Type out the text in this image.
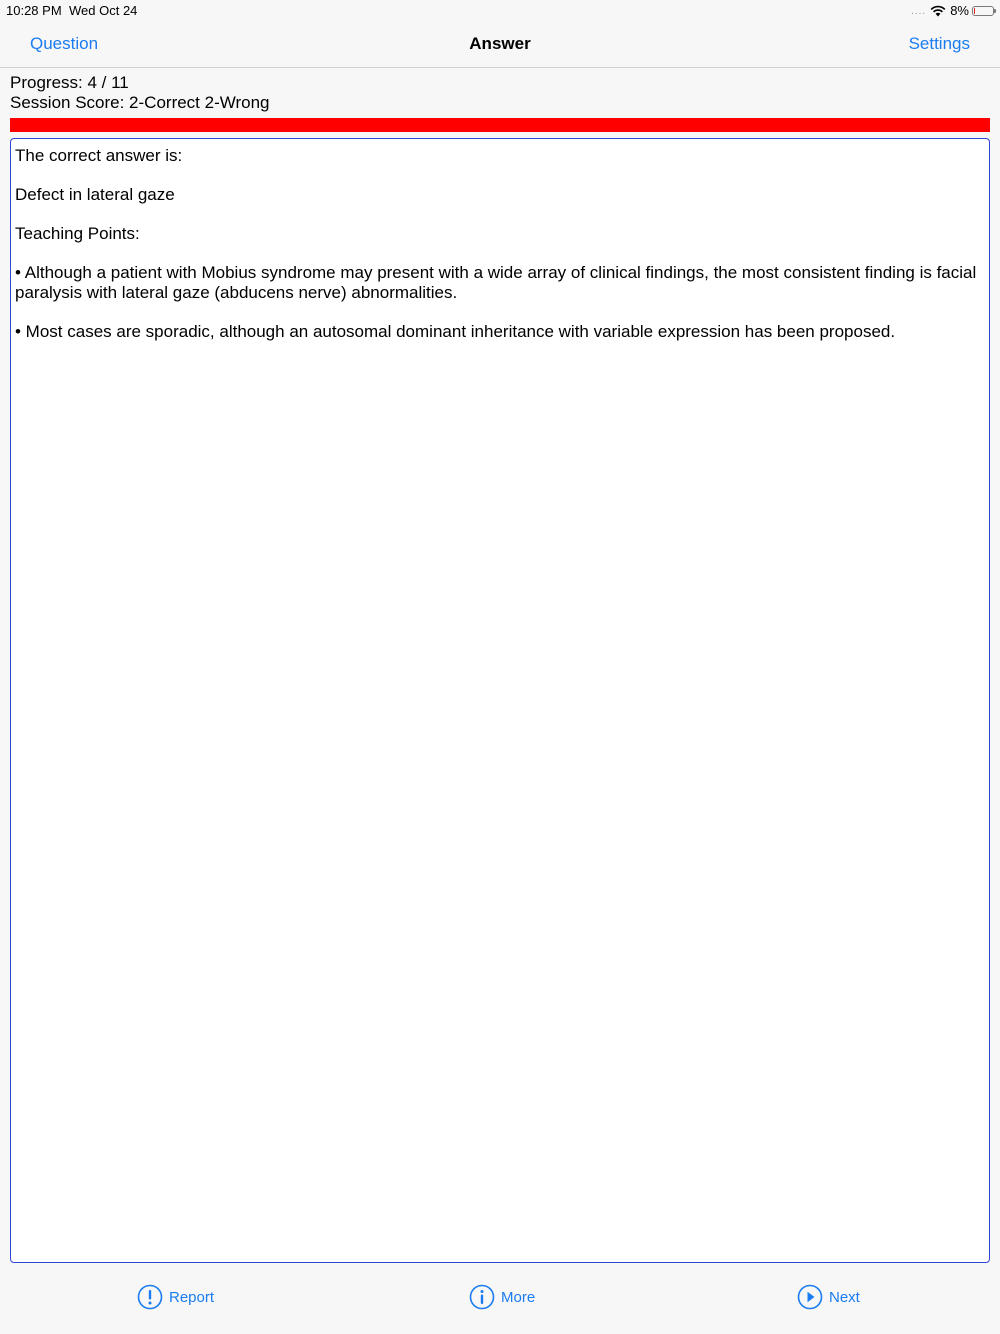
10:28 PM Wed Oct 24	.... 8%
Question	Answer	Settings
Progress: 4 / 11
Session Score: 2-Correct 2-Wrong

The correct answer is:

Defect in lateral gaze

Teaching Points:

• Although a patient with Mobius syndrome may present with a wide array of clinical findings, the most consistent finding is facial paralysis with lateral gaze (abducens nerve) abnormalities.

• Most cases are sporadic, although an autosomal dominant inheritance with variable expression has been proposed.

Report	More	Next
